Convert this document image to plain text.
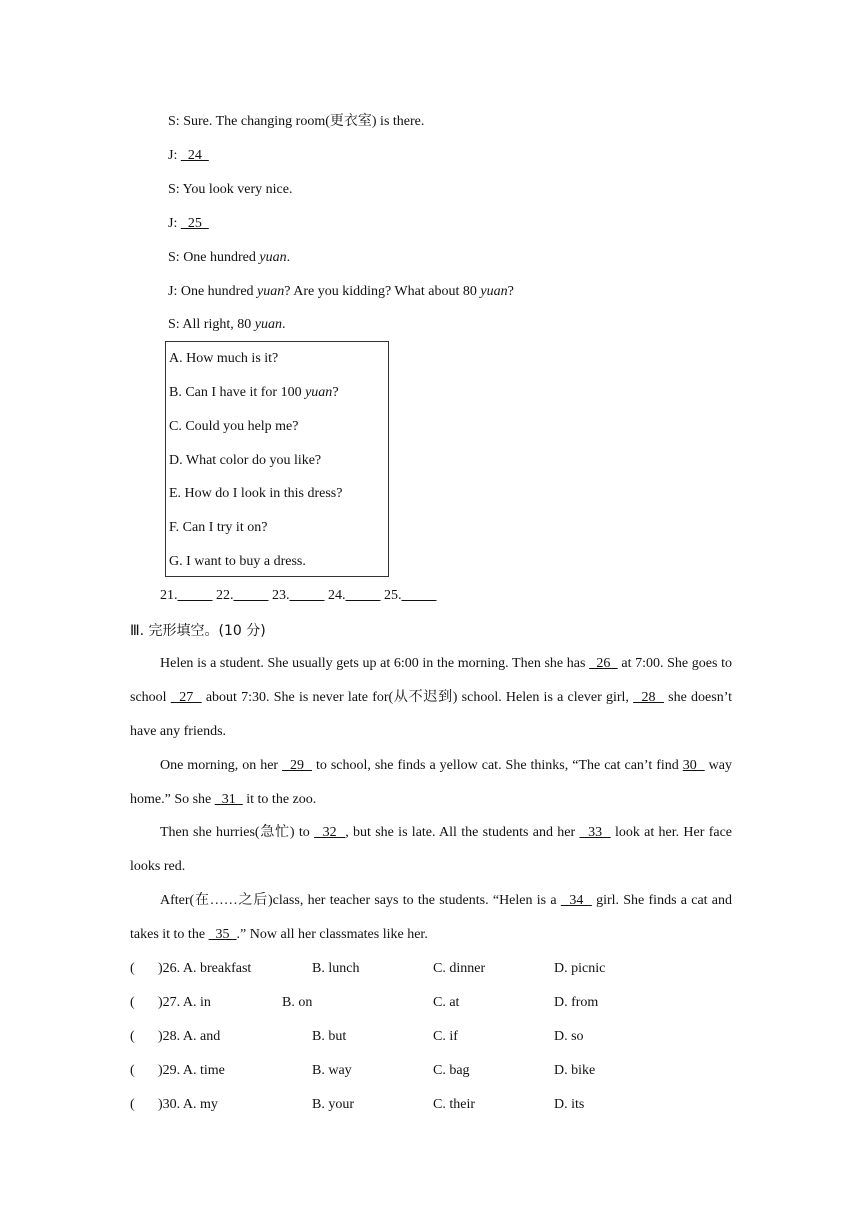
S: Sure. The changing room(更衣室) is there.
J:   24
S: You look very nice.
J:   25
S: One hundred yuan.
J: One hundred yuan? Are you kidding? What about 80 yuan?
S: All right, 80 yuan.
A. How much is it?
B. Can I have it for 100 yuan?
C. Could you help me?
D. What color do you like?
E. How do I look in this dress?
F. Can I try it on?
G. I want to buy a dress.
21.	22.	23.	24.	25.
Ⅲ. 完形填空。(10 分)
Helen is a student. She usually gets up at 6:00 in the morning. Then she has   26   at 7:00. She goes to school   27   about 7:30. She is never late for(从不迟到) school. Helen is a clever girl,   28   she doesn’t have any friends.
One morning, on her   29   to school, she finds a yellow cat. She thinks, “The cat can’t find 30   way home.” So she   31   it to the zoo.
Then she hurries(急忙) to   32  , but she is late. All the students and her   33   look at her. Her face looks red.
After(在……之后)class, her teacher says to the students. “Helen is a   34   girl. She finds a cat and takes it to the   35  .” Now all her classmates like her.
( )26. A. breakfast	B. lunch	C. dinner	D. picnic
( )27. A. in	B. on	C. at	D. from
( )28. A. and	B. but	C. if	D. so
( )29. A. time	B. way	C. bag	D. bike
( )30. A. my	B. your	C. their	D. its
